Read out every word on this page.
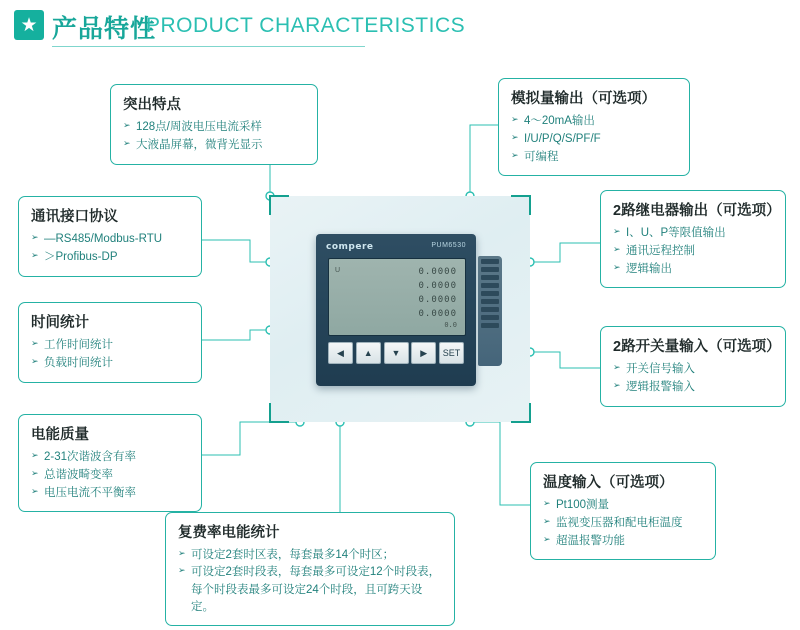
★ 产品特性
PRODUCT CHARACTERISTICS
compere	PUM6530
U	0.0000
0.0000
0.0000
0.0000
0.0
◀	▲	▼	▶	SET
突出特点
➢ 128点/周波电压电流采样
➢ 大液晶屏幕，微背光显示
模拟量输出（可选项）
➢ 4～20mA输出
➢ I/U/P/Q/S/PF/F
➢ 可编程
通讯接口协议
➢ —RS485/Modbus-RTU
➢ ＞Profibus-DP
2路继电器输出（可选项）
➢ I、U、P等限值输出
➢ 通讯远程控制
➢ 逻辑输出
时间统计
➢ 工作时间统计
➢ 负载时间统计
2路开关量输入（可选项）
➢ 开关信号输入
➢ 逻辑报警输入
电能质量
➢ 2-31次谐波含有率
➢ 总谐波畸变率
➢ 电压电流不平衡率
温度输入（可选项）
➢ Pt100测量
➢ 监视变压器和配电柜温度
➢ 超温报警功能
复费率电能统计
➢ 可设定2套时区表，每套最多14个时区；
➢ 可设定2套时段表，每套最多可设定12个时段表，每个时段表最多可设定24个时段，且可跨天设定。
